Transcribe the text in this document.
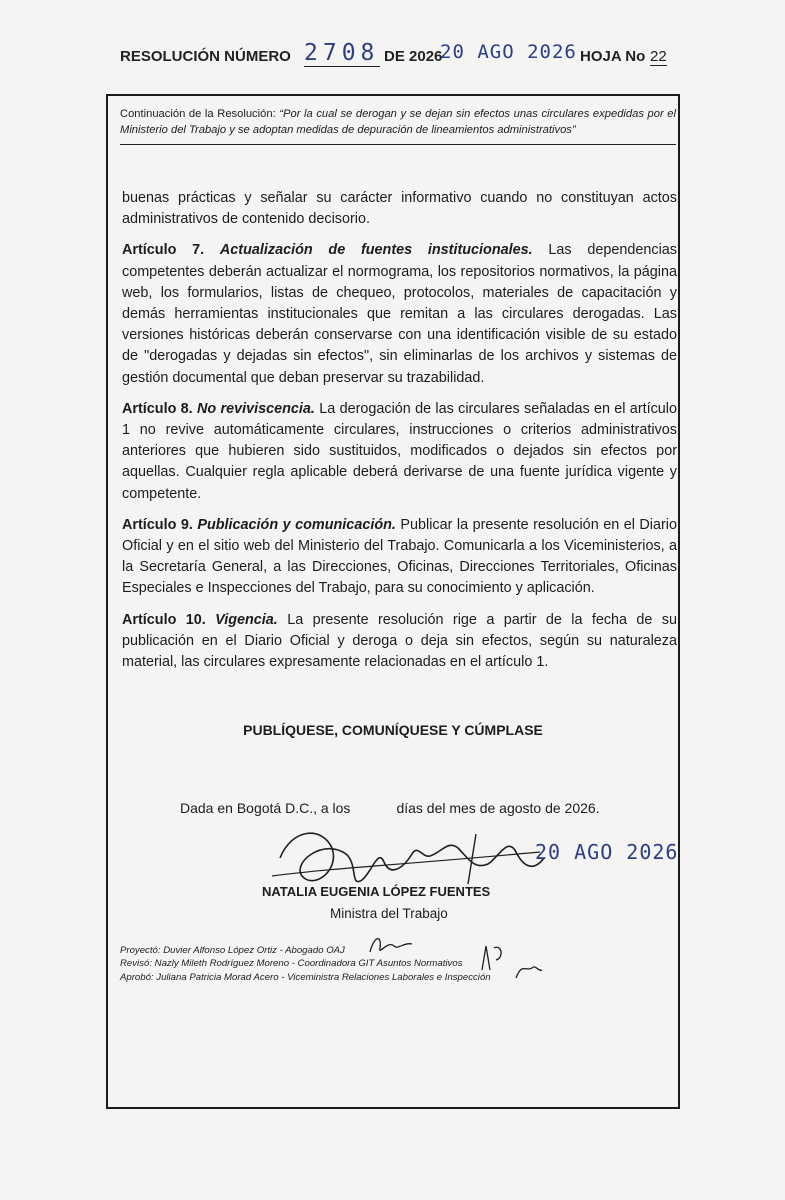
RESOLUCIÓN NÚMERO 2708 DE 2026
20 AGO 2026 HOJA No 22
Continuación de la Resolución: “Por la cual se derogan y se dejan sin efectos unas circulares expedidas por el Ministerio del Trabajo y se adoptan medidas de depuración de lineamientos administrativos”

buenas prácticas y señalar su carácter informativo cuando no constituyan actos administrativos de contenido decisorio.

Artículo 7. Actualización de fuentes institucionales. Las dependencias competentes deberán actualizar el normograma, los repositorios normativos, la página web, los formularios, listas de chequeo, protocolos, materiales de capacitación y demás herramientas institucionales que remitan a las circulares derogadas. Las versiones históricas deberán conservarse con una identificación visible de su estado de "derogadas y dejadas sin efectos", sin eliminarlas de los archivos y sistemas de gestión documental que deban preservar su trazabilidad.

Artículo 8. No reviviscencia. La derogación de las circulares señaladas en el artículo 1 no revive automáticamente circulares, instrucciones o criterios administrativos anteriores que hubieren sido sustituidos, modificados o dejados sin efectos por aquellas. Cualquier regla aplicable deberá derivarse de una fuente jurídica vigente y competente.

Artículo 9. Publicación y comunicación. Publicar la presente resolución en el Diario Oficial y en el sitio web del Ministerio del Trabajo. Comunicarla a los Viceministerios, a la Secretaría General, a las Direcciones, Oficinas, Direcciones Territoriales, Oficinas Especiales e Inspecciones del Trabajo, para su conocimiento y aplicación.

Artículo 10. Vigencia. La presente resolución rige a partir de la fecha de su publicación en el Diario Oficial y deroga o deja sin efectos, según su naturaleza material, las circulares expresamente relacionadas en el artículo 1.

PUBLÍQUESE, COMUNÍQUESE Y CÚMPLASE
Dada en Bogotá D.C., a los	días del mes de agosto de 2026.
20 AGO 2026
NATALIA EUGENIA LÓPEZ FUENTES
Ministra del Trabajo
Proyectó: Duvier Alfonso López Ortiz - Abogado OAJ
Revisó: Nazly Mileth Rodríguez Moreno - Coordinadora GIT Asuntos Normativos
Aprobó: Juliana Patricia Morad Acero - Viceministra Relaciones Laborales e Inspección
